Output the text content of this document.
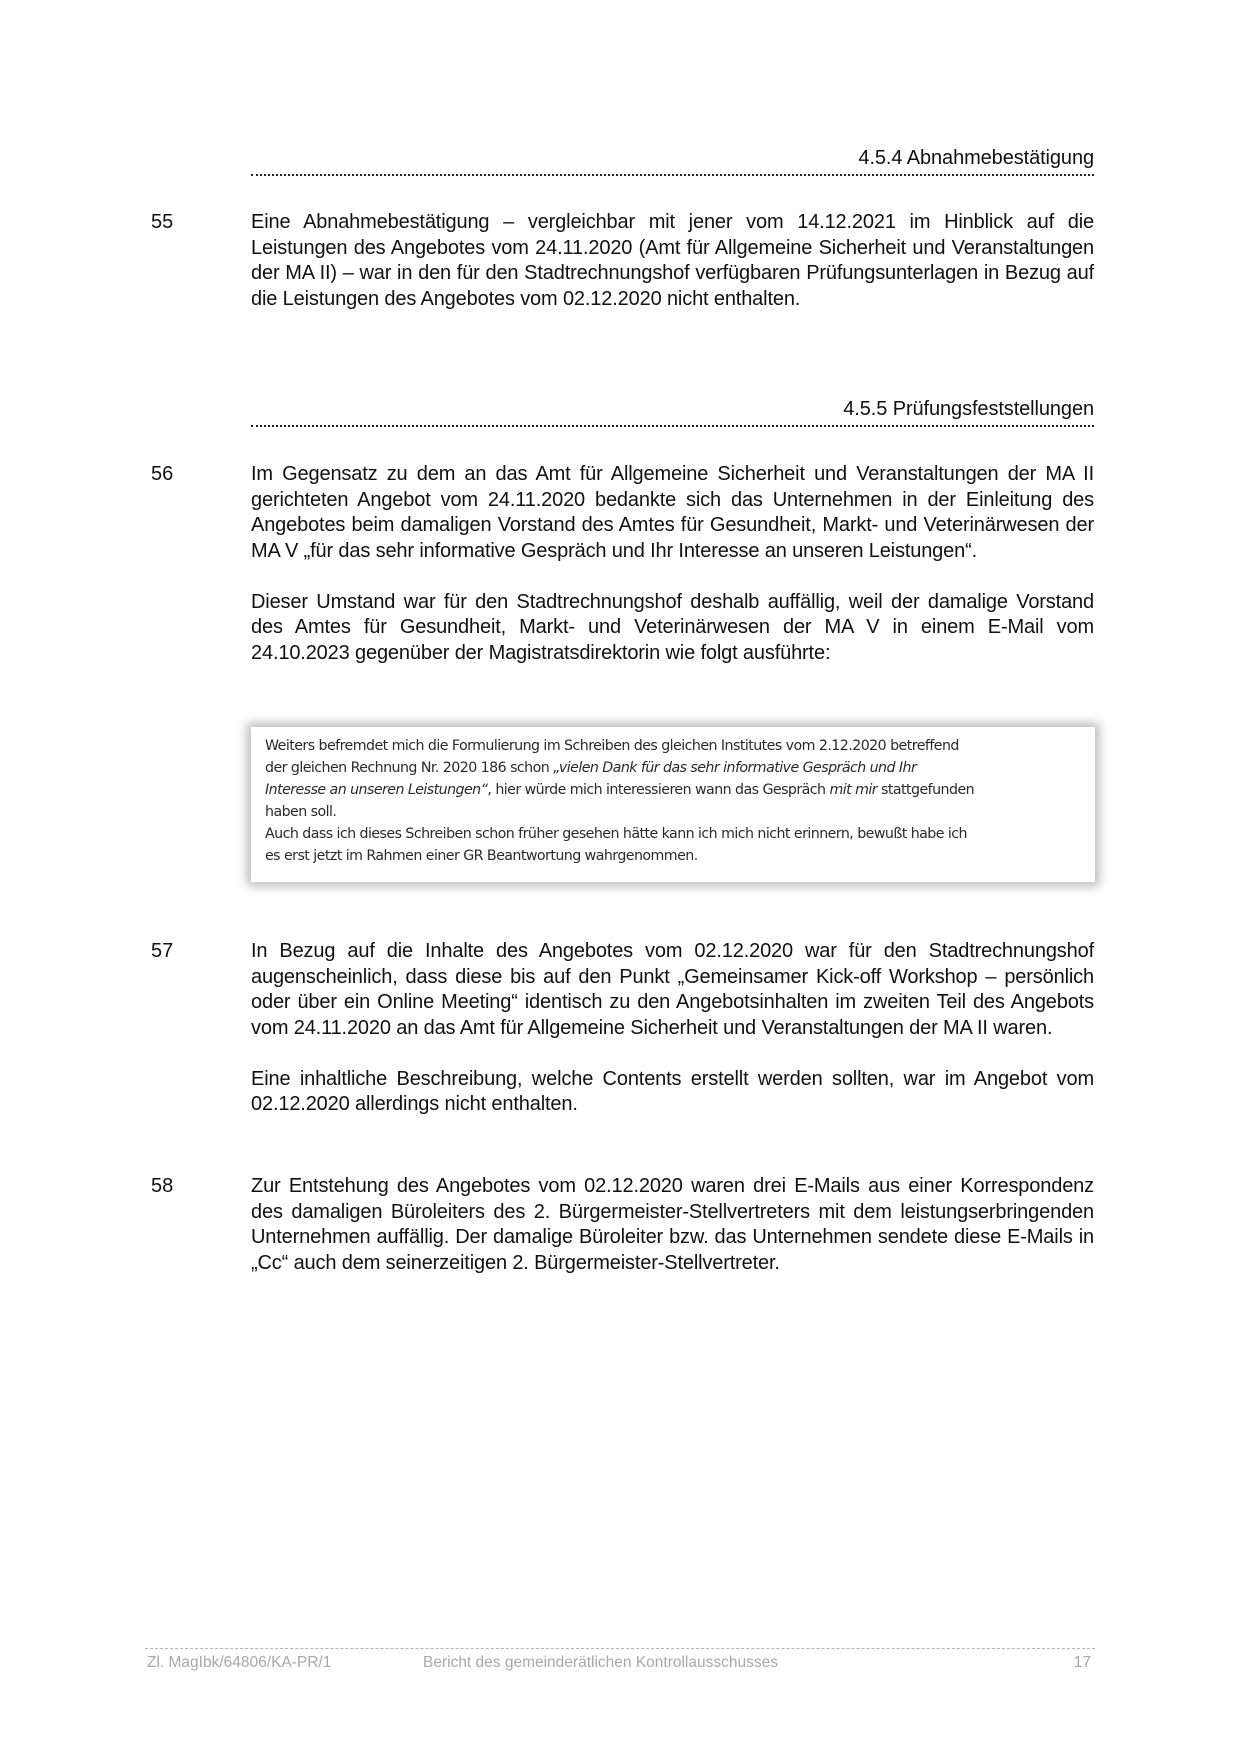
4.5.4 Abnahmebestätigung
55	Eine Abnahmebestätigung – vergleichbar mit jener vom 14.12.2021 im Hinblick auf die Leistungen des Angebotes vom 24.11.2020 (Amt für Allgemeine Sicherheit und Veranstaltungen der MA II) – war in den für den Stadtrechnungshof verfügbaren Prüfungsunterlagen in Bezug auf die Leistungen des Angebotes vom 02.12.2020 nicht enthalten.

4.5.5 Prüfungsfeststellungen
56	Im Gegensatz zu dem an das Amt für Allgemeine Sicherheit und Veranstaltungen der MA II gerichteten Angebot vom 24.11.2020 bedankte sich das Unternehmen in der Einleitung des Angebotes beim damaligen Vorstand des Amtes für Gesundheit, Markt- und Veterinärwesen der MA V „für das sehr informative Gespräch und Ihr Interesse an unseren Leistungen“.

Dieser Umstand war für den Stadtrechnungshof deshalb auffällig, weil der damalige Vorstand des Amtes für Gesundheit, Markt- und Veterinärwesen der MA V in einem E-Mail vom 24.10.2023 gegenüber der Magistratsdirektorin wie folgt ausführte:

Weiters befremdet mich die Formulierung im Schreiben des gleichen Institutes vom 2.12.2020 betreffend
der gleichen Rechnung Nr. 2020 186 schon „vielen Dank für das sehr informative Gespräch und Ihr
Interesse an unseren Leistungen“, hier würde mich interessieren wann das Gespräch mit mir stattgefunden
haben soll.
Auch dass ich dieses Schreiben schon früher gesehen hätte kann ich mich nicht erinnern, bewußt habe ich
es erst jetzt im Rahmen einer GR Beantwortung wahrgenommen.
57	In Bezug auf die Inhalte des Angebotes vom 02.12.2020 war für den Stadtrechnungshof augenscheinlich, dass diese bis auf den Punkt „Gemeinsamer Kick-off Workshop – persönlich oder über ein Online Meeting“ identisch zu den Angebotsinhalten im zweiten Teil des Angebots vom 24.11.2020 an das Amt für Allgemeine Sicherheit und Veranstaltungen der MA II waren.

Eine inhaltliche Beschreibung, welche Contents erstellt werden sollten, war im Angebot vom 02.12.2020 allerdings nicht enthalten.

58	Zur Entstehung des Angebotes vom 02.12.2020 waren drei E-Mails aus einer Korrespondenz des damaligen Büroleiters des 2. Bürgermeister-Stellvertreters mit dem leistungserbringenden Unternehmen auffällig. Der damalige Büroleiter bzw. das Unternehmen sendete diese E-Mails in „Cc“ auch dem seinerzeitigen 2. Bürgermeister-Stellvertreter.

Zl. MagIbk/64806/KA-PR/1	Bericht des gemeinderätlichen Kontrollausschusses	17
